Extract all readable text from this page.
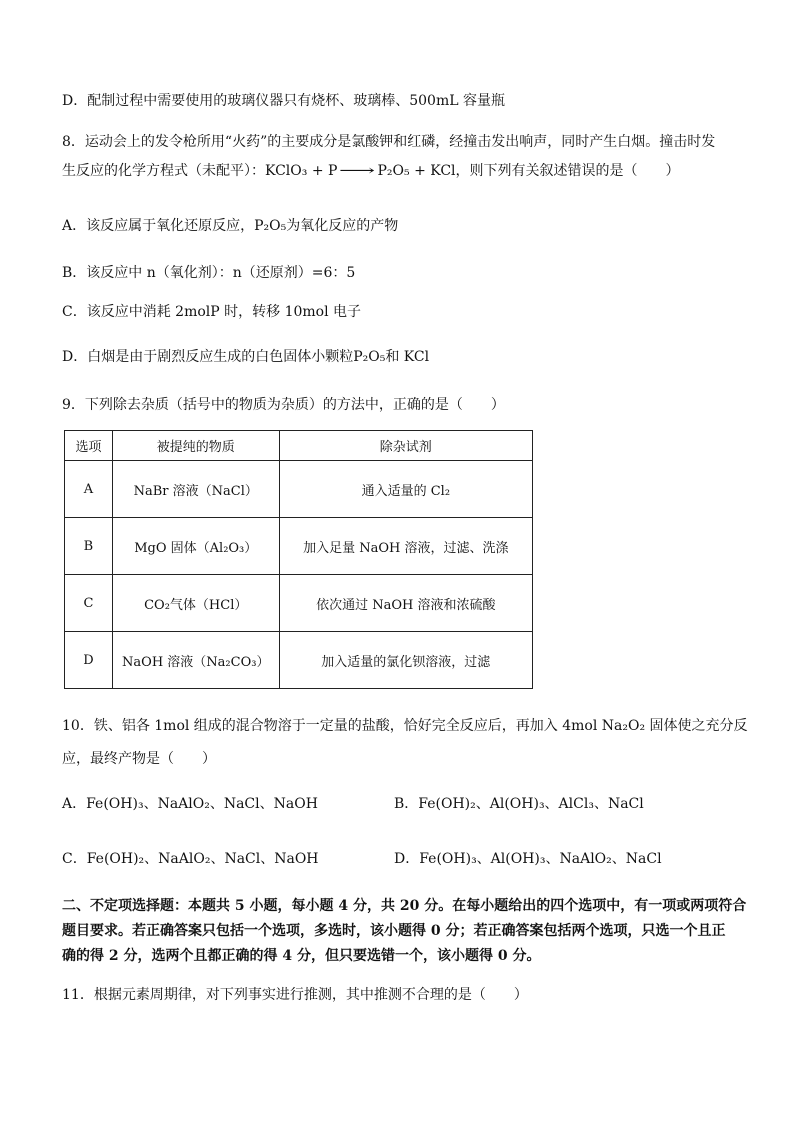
D．配制过程中需要使用的玻璃仪器只有烧杯、玻璃棒、500mL 容量瓶
8．运动会上的发令枪所用“火药”的主要成分是氯酸钾和红磷，经撞击发出响声，同时产生白烟。撞击时发
生反应的化学方程式（未配平）：KClO₃ + P ⟶ P₂O₅ + KCl，则下列有关叙述错误的是（　　）
A．该反应属于氧化还原反应，P₂O₅为氧化反应的产物
B．该反应中 n（氧化剂）：n（还原剂）=6：5
C．该反应中消耗 2molP 时，转移 10mol 电子
D．白烟是由于剧烈反应生成的白色固体小颗粒P₂O₅和 KCl
9．下列除去杂质（括号中的物质为杂质）的方法中，正确的是（　　）
选项	被提纯的物质	除杂试剂
A	NaBr 溶液（NaCl）	通入适量的 Cl₂
B	MgO 固体（Al₂O₃）	加入足量 NaOH 溶液，过滤、洗涤
C	CO₂气体（HCl）	依次通过 NaOH 溶液和浓硫酸
D	NaOH 溶液（Na₂CO₃）	加入适量的氯化钡溶液，过滤
10．铁、铝各 1mol 组成的混合物溶于一定量的盐酸，恰好完全反应后，再加入 4mol Na₂O₂ 固体使之充分反
应，最终产物是（　　）
A．Fe(OH)₃、NaAlO₂、NaCl、NaOH	B．Fe(OH)₂、Al(OH)₃、AlCl₃、NaCl
C．Fe(OH)₂、NaAlO₂、NaCl、NaOH	D．Fe(OH)₃、Al(OH)₃、NaAlO₂、NaCl
二、不定项选择题：本题共 5 小题，每小题 4 分，共 20 分。在每小题给出的四个选项中，有一项或两项符合
题目要求。若正确答案只包括一个选项，多选时，该小题得 0 分；若正确答案包括两个选项，只选一个且正
确的得 2 分，选两个且都正确的得 4 分，但只要选错一个，该小题得 0 分。
11．根据元素周期律，对下列事实进行推测，其中推测不合理的是（　　）
